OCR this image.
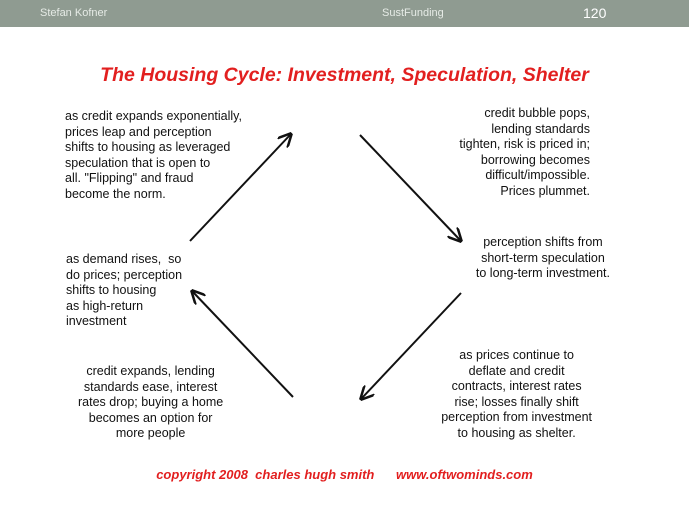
Stefan Kofner	SustFunding	120
The Housing Cycle: Investment, Speculation, Shelter

as credit expands exponentially,
prices leap and perception
shifts to housing as leveraged
speculation that is open to
all. "Flipping" and fraud
become the norm.

credit bubble pops,
lending standards
tighten, risk is priced in;
borrowing becomes
difficult/impossible.
Prices plummet.

perception shifts from
short-term speculation
to long-term investment.

as demand rises,  so
do prices; perception
shifts to housing
as high-return
investment

credit expands, lending
standards ease, interest
rates drop; buying a home
becomes an option for
more people

as prices continue to
deflate and credit
contracts, interest rates
rise; losses finally shift
perception from investment
to housing as shelter.

copyright 2008  charles hugh smith      www.oftwominds.com
